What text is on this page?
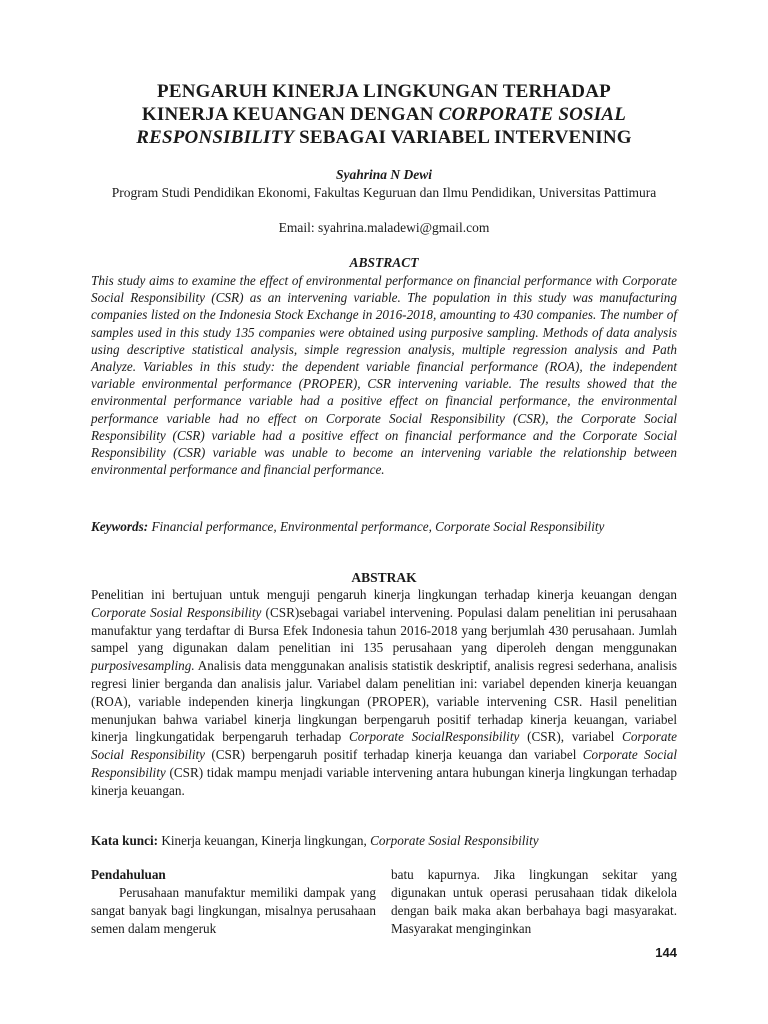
PENGARUH KINERJA LINGKUNGAN TERHADAP
KINERJA KEUANGAN DENGAN CORPORATE SOSIAL
RESPONSIBILITY SEBAGAI VARIABEL INTERVENING
Syahrina N Dewi
Program Studi Pendidikan Ekonomi, Fakultas Keguruan dan Ilmu Pendidikan, Universitas Pattimura
Email: syahrina.maladewi@gmail.com
ABSTRACT
This study aims to examine the effect of environmental performance on financial performance with Corporate Social Responsibility (CSR) as an intervening variable. The population in this study was manufacturing companies listed on the Indonesia Stock Exchange in 2016-2018, amounting to 430 companies. The number of samples used in this study 135 companies were obtained using purposive sampling. Methods of data analysis using descriptive statistical analysis, simple regression analysis, multiple regression analysis and Path Analyze. Variables in this study: the dependent variable financial performance (ROA), the independent variable environmental performance (PROPER), CSR intervening variable. The results showed that the environmental performance variable had a positive effect on financial performance, the environmental performance variable had no effect on Corporate Social Responsibility (CSR), the Corporate Social Responsibility (CSR) variable had a positive effect on financial performance and the Corporate Social Responsibility (CSR) variable was unable to become an intervening variable the relationship between environmental performance and financial performance.
Keywords: Financial performance, Environmental performance, Corporate Social Responsibility
ABSTRAK
Penelitian ini bertujuan untuk menguji pengaruh kinerja lingkungan terhadap kinerja keuangan dengan Corporate Sosial Responsibility (CSR)sebagai variabel intervening. Populasi dalam penelitian ini perusahaan manufaktur yang terdaftar di Bursa Efek Indonesia tahun 2016-2018 yang berjumlah 430 perusahaan. Jumlah sampel yang digunakan dalam penelitian ini 135 perusahaan yang diperoleh dengan menggunakan purposivesampling. Analisis data menggunakan analisis statistik deskriptif, analisis regresi sederhana, analisis regresi linier berganda dan analisis jalur. Variabel dalam penelitian ini: variabel dependen kinerja keuangan (ROA), variable independen kinerja lingkungan (PROPER), variable intervening CSR. Hasil penelitian menunjukan bahwa variabel kinerja lingkungan berpengaruh positif terhadap kinerja keuangan, variabel kinerja lingkungatidak berpengaruh terhadap Corporate SocialResponsibility (CSR), variabel Corporate Social Responsibility (CSR) berpengaruh positif terhadap kinerja keuanga dan variabel Corporate Social Responsibility (CSR) tidak mampu menjadi variable intervening antara hubungan kinerja lingkungan terhadap kinerja keuangan.
Kata kunci: Kinerja keuangan, Kinerja lingkungan, Corporate Sosial Responsibility
Pendahuluan
Perusahaan manufaktur memiliki dampak yang sangat banyak bagi lingkungan, misalnya perusahaan semen dalam mengeruk
batu kapurnya. Jika lingkungan sekitar yang digunakan untuk operasi perusahaan tidak dikelola dengan baik maka akan berbahaya bagi masyarakat. Masyarakat menginginkan
144
